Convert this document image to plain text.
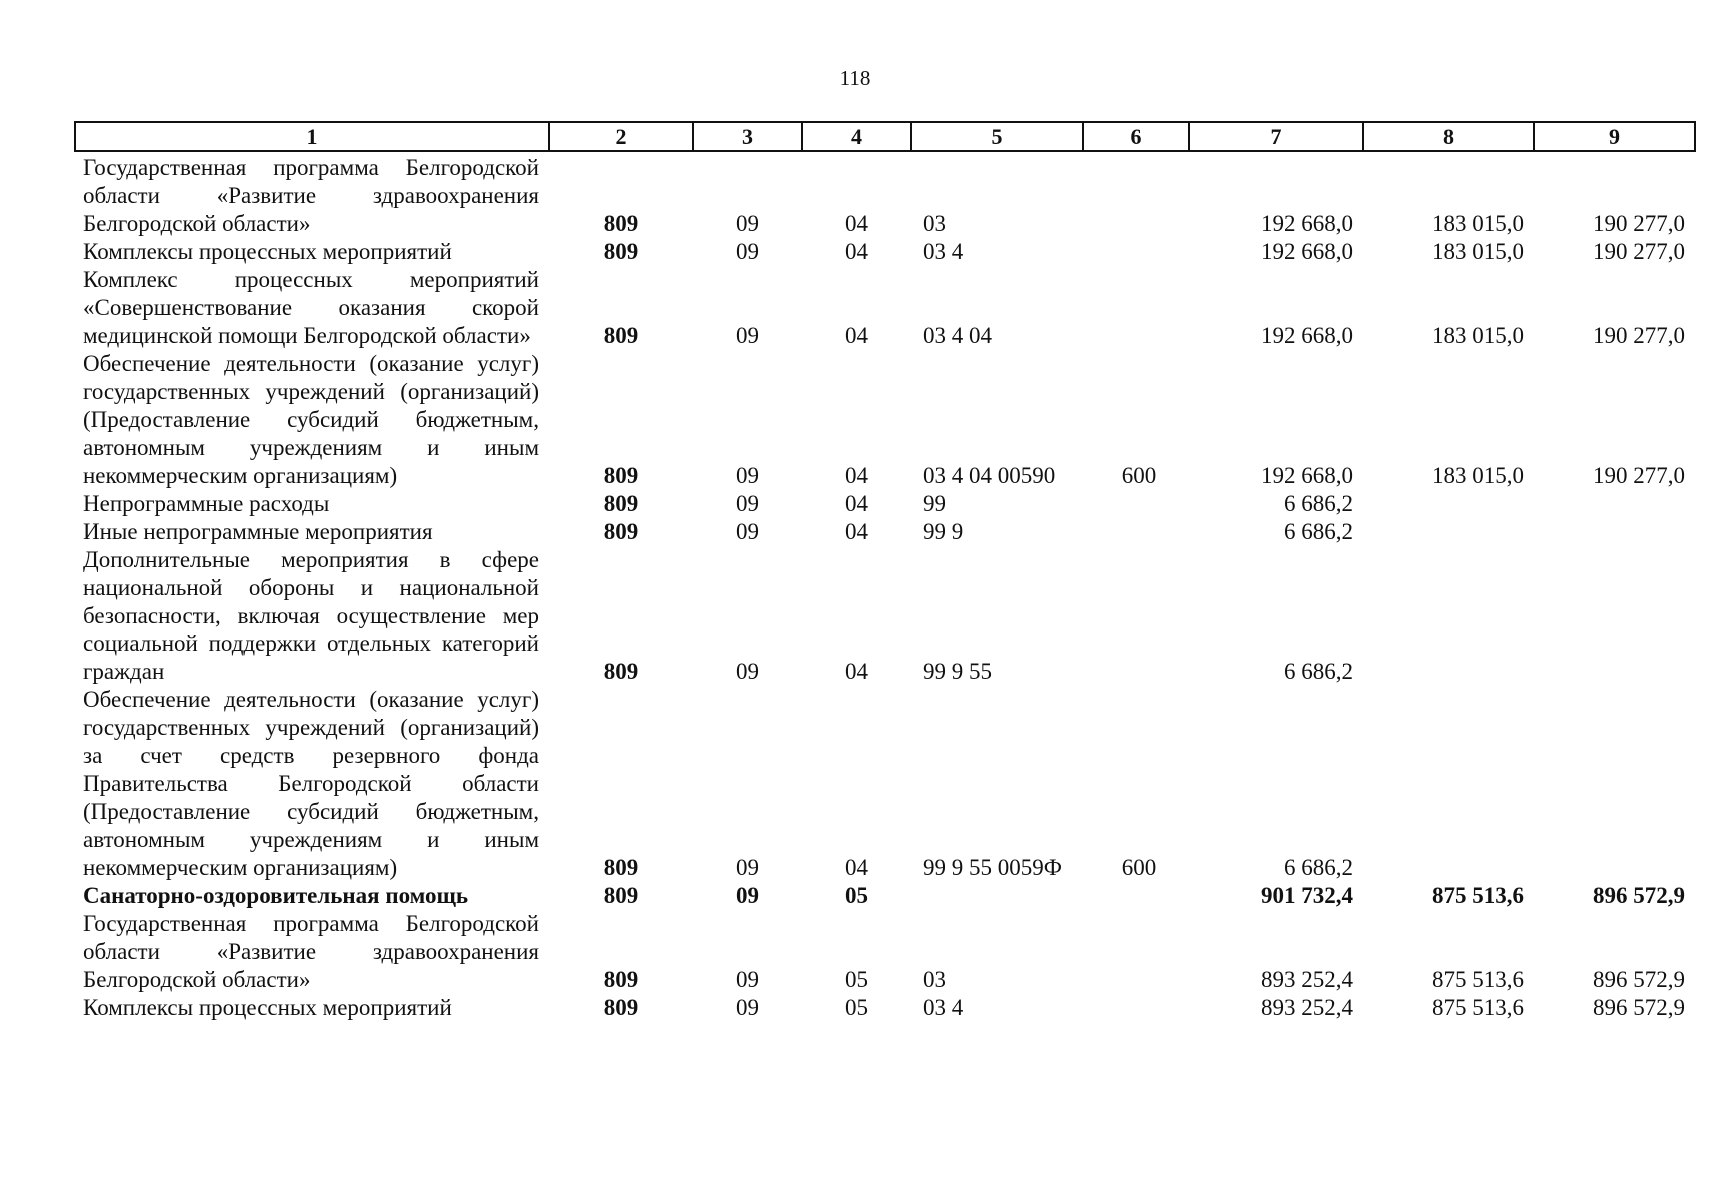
118
1	2	3	4	5	6	7	8	9
Государственная программа Белгородской области «Развитие здравоохранения Белгородской области»	809	09	04	03		192 668,0	183 015,0	190 277,0
Комплексы процессных мероприятий	809	09	04	03 4		192 668,0	183 015,0	190 277,0
Комплекс процессных мероприятий «Совершенствование оказания скорой медицинской помощи Белгородской области»	809	09	04	03 4 04		192 668,0	183 015,0	190 277,0
Обеспечение деятельности (оказание услуг) государственных учреждений (организаций) (Предоставление субсидий бюджетным, автономным учреждениям и иным некоммерческим организациям)	809	09	04	03 4 04 00590	600	192 668,0	183 015,0	190 277,0
Непрограммные расходы	809	09	04	99		6 686,2		
Иные непрограммные мероприятия	809	09	04	99 9		6 686,2		
Дополнительные мероприятия в сфере национальной обороны и национальной безопасности, включая осуществление мер социальной поддержки отдельных категорий граждан	809	09	04	99 9 55		6 686,2		
Обеспечение деятельности (оказание услуг) государственных учреждений (организаций) за счет средств резервного фонда Правительства Белгородской области (Предоставление субсидий бюджетным, автономным учреждениям и иным некоммерческим организациям)	809	09	04	99 9 55 0059Ф	600	6 686,2		
Санаторно-оздоровительная помощь	809	09	05			901 732,4	875 513,6	896 572,9
Государственная программа Белгородской области «Развитие здравоохранения Белгородской области»	809	09	05	03		893 252,4	875 513,6	896 572,9
Комплексы процессных мероприятий	809	09	05	03 4		893 252,4	875 513,6	896 572,9
